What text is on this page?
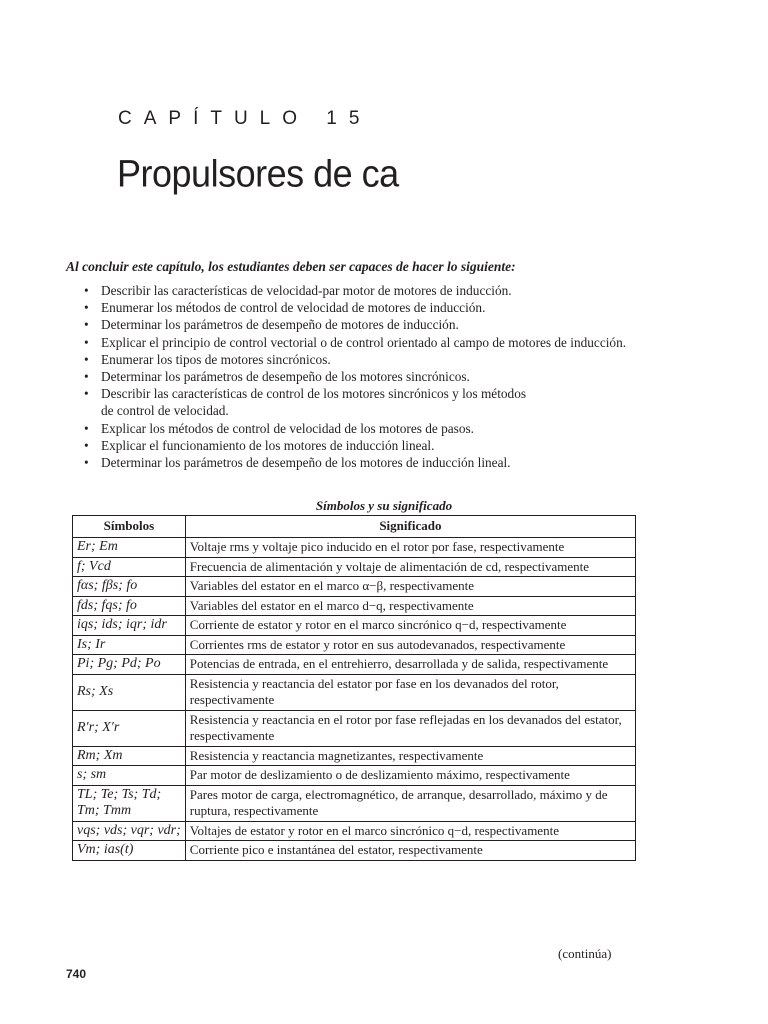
CAPÍTULO 15
Propulsores de ca

Al concluir este capítulo, los estudiantes deben ser capaces de hacer lo siguiente:

• Describir las características de velocidad-par motor de motores de inducción.
• Enumerar los métodos de control de velocidad de motores de inducción.
• Determinar los parámetros de desempeño de motores de inducción.
• Explicar el principio de control vectorial o de control orientado al campo de motores de inducción.
• Enumerar los tipos de motores sincrónicos.
• Determinar los parámetros de desempeño de los motores sincrónicos.
• Describir las características de control de los motores sincrónicos y los métodos
de control de velocidad.
• Explicar los métodos de control de velocidad de los motores de pasos.
• Explicar el funcionamiento de los motores de inducción lineal.
• Determinar los parámetros de desempeño de los motores de inducción lineal.
Símbolos y su significado
Símbolos	Significado
Er; Em	Voltaje rms y voltaje pico inducido en el rotor por fase, respectivamente
f; Vcd	Frecuencia de alimentación y voltaje de alimentación de cd, respectivamente
fαs; fβs; fo	Variables del estator en el marco α−β, respectivamente
fds; fqs; fo	Variables del estator en el marco d−q, respectivamente
iqs; ids; iqr; idr	Corriente de estator y rotor en el marco sincrónico q−d, respectivamente
Is; Ir	Corrientes rms de estator y rotor en sus autodevanados, respectivamente
Pi; Pg; Pd; Po	Potencias de entrada, en el entrehierro, desarrollada y de salida, respectivamente
Rs; Xs	Resistencia y reactancia del estator por fase en los devanados del rotor, respectivamente
R′r; X′r	Resistencia y reactancia en el rotor por fase reflejadas en los devanados del estator, respectivamente
Rm; Xm	Resistencia y reactancia magnetizantes, respectivamente
s; sm	Par motor de deslizamiento o de deslizamiento máximo, respectivamente
TL; Te; Ts; Td; Tm; Tmm	Pares motor de carga, electromagnético, de arranque, desarrollado, máximo y de ruptura, respectivamente
vqs; vds; vqr; vdr;	Voltajes de estator y rotor en el marco sincrónico q−d, respectivamente
Vm; ias(t)	Corriente pico e instantánea del estator, respectivamente
(continúa)
740
